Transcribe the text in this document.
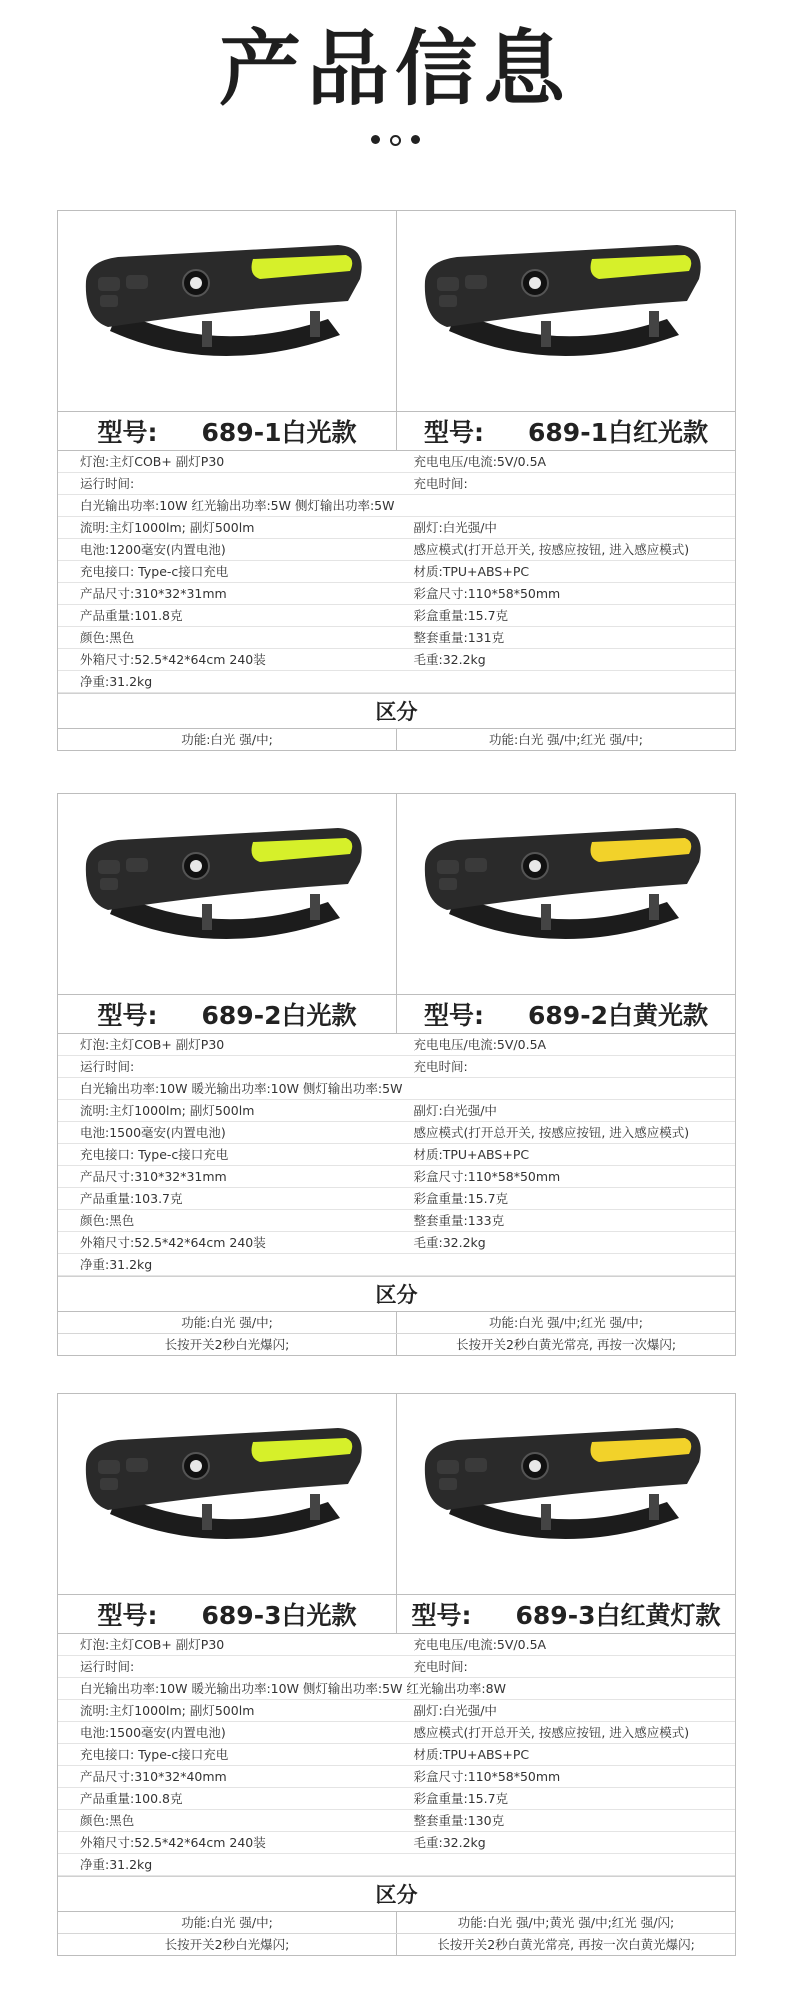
产品信息
型号: 689-1白光款	型号: 689-1白红光款
灯泡:主灯COB+ 副灯P30	充电电压/电流:5V/0.5A
运行时间:	充电时间:
白光输出功率:10W 红光输出功率:5W 侧灯输出功率:5W
流明:主灯1000lm; 副灯500lm	副灯:白光强/中
电池:1200毫安(内置电池)	感应模式(打开总开关, 按感应按钮, 进入感应模式)
充电接口: Type-c接口充电	材质:TPU+ABS+PC
产品尺寸:310*32*31mm	彩盒尺寸:110*58*50mm
产品重量:101.8克	彩盒重量:15.7克
颜色:黑色	整套重量:131克
外箱尺寸:52.5*42*64cm 240装	毛重:32.2kg
净重:31.2kg
区分
功能:白光 强/中;	功能:白光 强/中;红光 强/中;
型号: 689-2白光款	型号: 689-2白黄光款
灯泡:主灯COB+ 副灯P30	充电电压/电流:5V/0.5A
运行时间:	充电时间:
白光输出功率:10W 暖光输出功率:10W 侧灯输出功率:5W
流明:主灯1000lm; 副灯500lm	副灯:白光强/中
电池:1500毫安(内置电池)	感应模式(打开总开关, 按感应按钮, 进入感应模式)
充电接口: Type-c接口充电	材质:TPU+ABS+PC
产品尺寸:310*32*31mm	彩盒尺寸:110*58*50mm
产品重量:103.7克	彩盒重量:15.7克
颜色:黑色	整套重量:133克
外箱尺寸:52.5*42*64cm 240装	毛重:32.2kg
净重:31.2kg
区分
功能:白光 强/中;	功能:白光 强/中;红光 强/中;
长按开关2秒白光爆闪;	长按开关2秒白黄光常亮, 再按一次爆闪;
型号: 689-3白光款 型号: 689-3白红黄灯款
灯泡:主灯COB+ 副灯P30	充电电压/电流:5V/0.5A
运行时间:	充电时间:
白光输出功率:10W 暖光输出功率:10W 侧灯输出功率:5W 红光输出功率:8W
流明:主灯1000lm; 副灯500lm	副灯:白光强/中
电池:1500毫安(内置电池)	感应模式(打开总开关, 按感应按钮, 进入感应模式)
充电接口: Type-c接口充电	材质:TPU+ABS+PC
产品尺寸:310*32*40mm	彩盒尺寸:110*58*50mm
产品重量:100.8克	彩盒重量:15.7克
颜色:黑色	整套重量:130克
外箱尺寸:52.5*42*64cm 240装	毛重:32.2kg
净重:31.2kg
区分
功能:白光 强/中;	功能:白光 强/中;黄光 强/中;红光 强/闪;
长按开关2秒白光爆闪;	长按开关2秒白黄光常亮, 再按一次白黄光爆闪;
